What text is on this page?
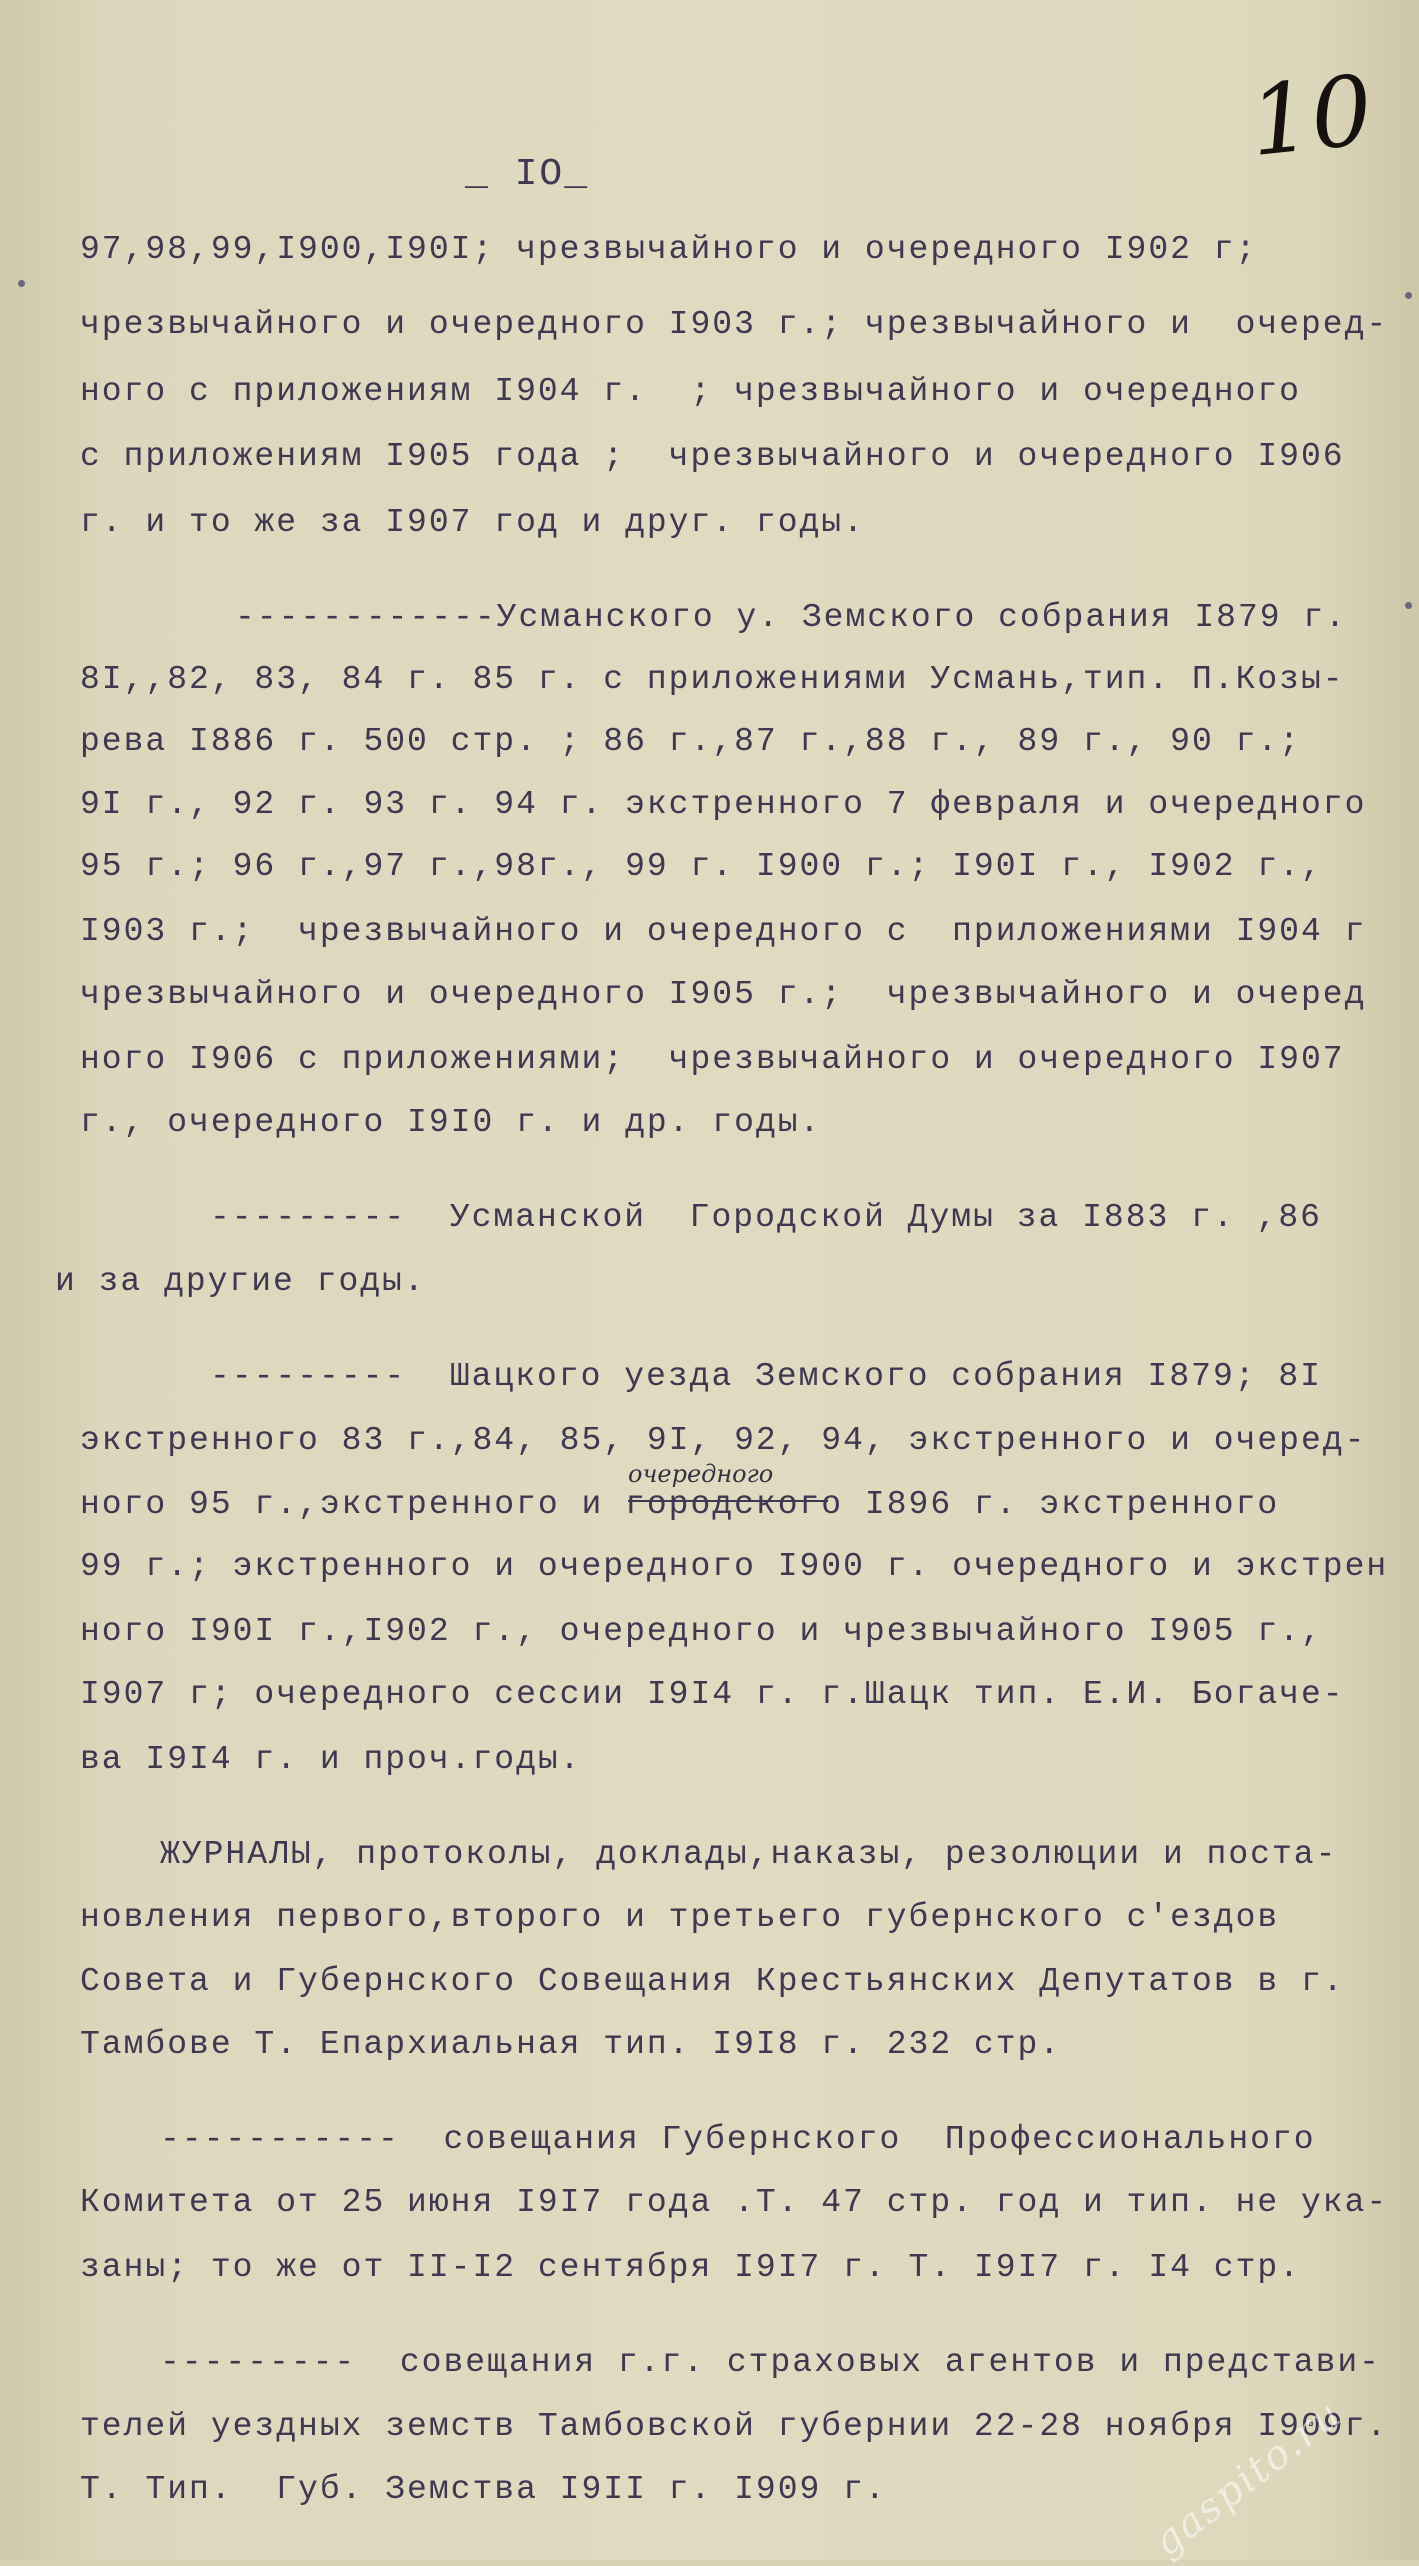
10
_ IO_
97,98,99,I900,I90I; чрезвычайного и очередного I902 г;
чрезвычайного и очередного I903 г.; чрезвычайного и  очеред-
ного с приложениям I904 г.  ; чрезвычайного и очередного
с приложениям I905 года ;  чрезвычайного и очередного I906
г. и то же за I907 год и друг. годы.
------------Усманского у. Земского собрания I879 г.
8I,,82, 83, 84 г. 85 г. с приложениями Усмань,тип. П.Козы-
рева I886 г. 500 стр. ; 86 г.,87 г.,88 г., 89 г., 90 г.;
9I г., 92 г. 93 г. 94 г. экстренного 7 февраля и очередного
95 г.; 96 г.,97 г.,98г., 99 г. I900 г.; I90I г., I902 г.,
I903 г.;  чрезвычайного и очередного с  приложениями I904 г
чрезвычайного и очередного I905 г.;  чрезвычайного и очеред
ного I906 с приложениями;  чрезвычайного и очередного I907
г., очередного I9I0 г. и др. годы.
---------  Усманской  Городской Думы за I883 г. ,86
и за другие годы.
---------  Шацкого уезда Земского собрания I879; 8I
экстренного 83 г.,84, 85, 9I, 92, 94, экстренного и очеред-
очередного
ного 95 г.,экстренного и городского I896 г. экстренного
99 г.; экстренного и очередного I900 г. очередного и экстрен
ного I90I г.,I902 г., очередного и чрезвычайного I905 г.,
I907 г; очередного сессии I9I4 г. г.Шацк тип. Е.И. Богаче-
ва I9I4 г. и проч.годы.
ЖУРНАЛЫ, протоколы, доклады,наказы, резолюции и поста-
новления первого,второго и третьего губернского с'ездов
Совета и Губернского Совещания Крестьянских Депутатов в г.
Тамбове Т. Епархиальная тип. I9I8 г. 232 стр.
-----------  совещания Губернского  Профессионального
Комитета от 25 июня I9I7 года .Т. 47 стр. год и тип. не ука-
заны; то же от II-I2 сентября I9I7 г. Т. I9I7 г. I4 стр.
---------  совещания г.г. страховых агентов и представи-
телей уездных земств Тамбовской губернии 22-28 ноября I909г.
Т. Тип.  Губ. Земства I9II г. I909 г.	gaspito.ru
